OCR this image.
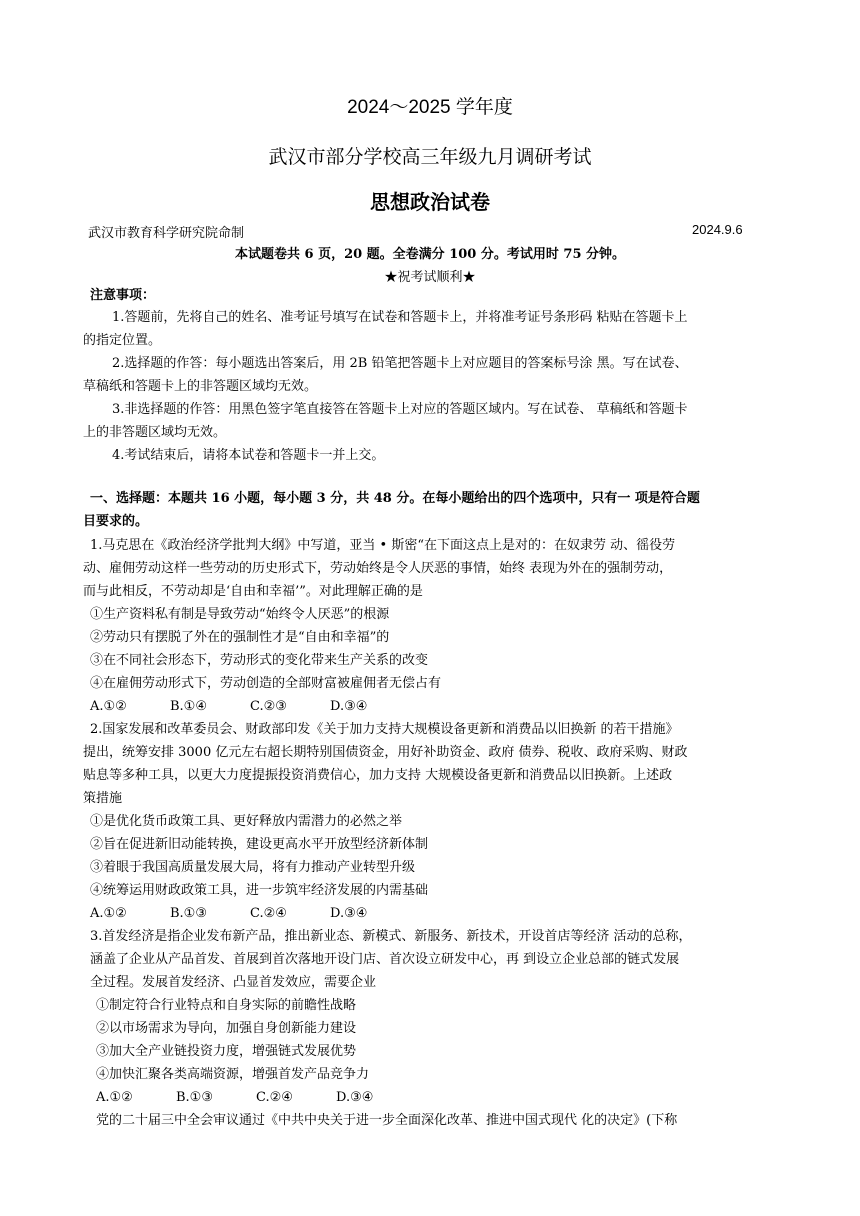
2024～2025 学年度
武汉市部分学校高三年级九月调研考试
思想政治试卷
武汉市教育科学研究院命制	2024.9.6
本试题卷共 6 页，20 题。全卷满分 100 分。考试用时 75 分钟。
★祝考试顺利★
注意事项：
1.答题前，先将自己的姓名、准考证号填写在试卷和答题卡上，并将准考证号条形码 粘贴在答题卡上
的指定位置。
2.选择题的作答：每小题选出答案后，用 2B 铅笔把答题卡上对应题目的答案标号涂 黑。写在试卷、
草稿纸和答题卡上的非答题区域均无效。
3.非选择题的作答：用黑色签字笔直接答在答题卡上对应的答题区域内。写在试卷、 草稿纸和答题卡
上的非答题区域均无效。
4.考试结束后，请将本试卷和答题卡一并上交。
一、选择题：本题共 16 小题，每小题 3 分，共 48 分。在每小题给出的四个选项中，只有一 项是符合题
目要求的。
1.马克思在《政治经济学批判大纲》中写道，亚当 • 斯密“在下面这点上是对的：在奴隶劳 动、徭役劳
动、雇佣劳动这样一些劳动的历史形式下，劳动始终是令人厌恶的事情，始终 表现为外在的强制劳动，
而与此相反，不劳动却是‘自由和幸福’”。对此理解正确的是
①生产资料私有制是导致劳动“始终令人厌恶”的根源
②劳动只有摆脱了外在的强制性才是“自由和幸福”的
③在不同社会形态下，劳动形式的变化带来生产关系的改变
④在雇佣劳动形式下，劳动创造的全部财富被雇佣者无偿占有
A.①②	B.①④	C.②③	D.③④
2.国家发展和改革委员会、财政部印发《关于加力支持大规模设备更新和消费品以旧换新 的若干措施》
提出，统筹安排 3000 亿元左右超长期特别国债资金，用好补助资金、政府 债券、税收、政府采购、财政
贴息等多种工具，以更大力度提振投资消费信心，加力支持 大规模设备更新和消费品以旧换新。上述政
策措施
①是优化货币政策工具、更好释放内需潜力的必然之举
②旨在促进新旧动能转换，建设更高水平开放型经济新体制
③着眼于我国高质量发展大局，将有力推动产业转型升级
④统筹运用财政政策工具，进一步筑牢经济发展的内需基础
A.①②	B.①③	C.②④	D.③④
3.首发经济是指企业发布新产品，推出新业态、新模式、新服务、新技术，开设首店等经济 活动的总称，
涵盖了企业从产品首发、首展到首次落地开设门店、首次设立研发中心，再 到设立企业总部的链式发展
全过程。发展首发经济、凸显首发效应，需要企业
①制定符合行业特点和自身实际的前瞻性战略
②以市场需求为导向，加强自身创新能力建设
③加大全产业链投资力度，增强链式发展优势
④加快汇聚各类高端资源，增强首发产品竞争力
A.①②	B.①③	C.②④	D.③④
党的二十届三中全会审议通过《中共中央关于进一步全面深化改革、推进中国式现代 化的决定》(下称
